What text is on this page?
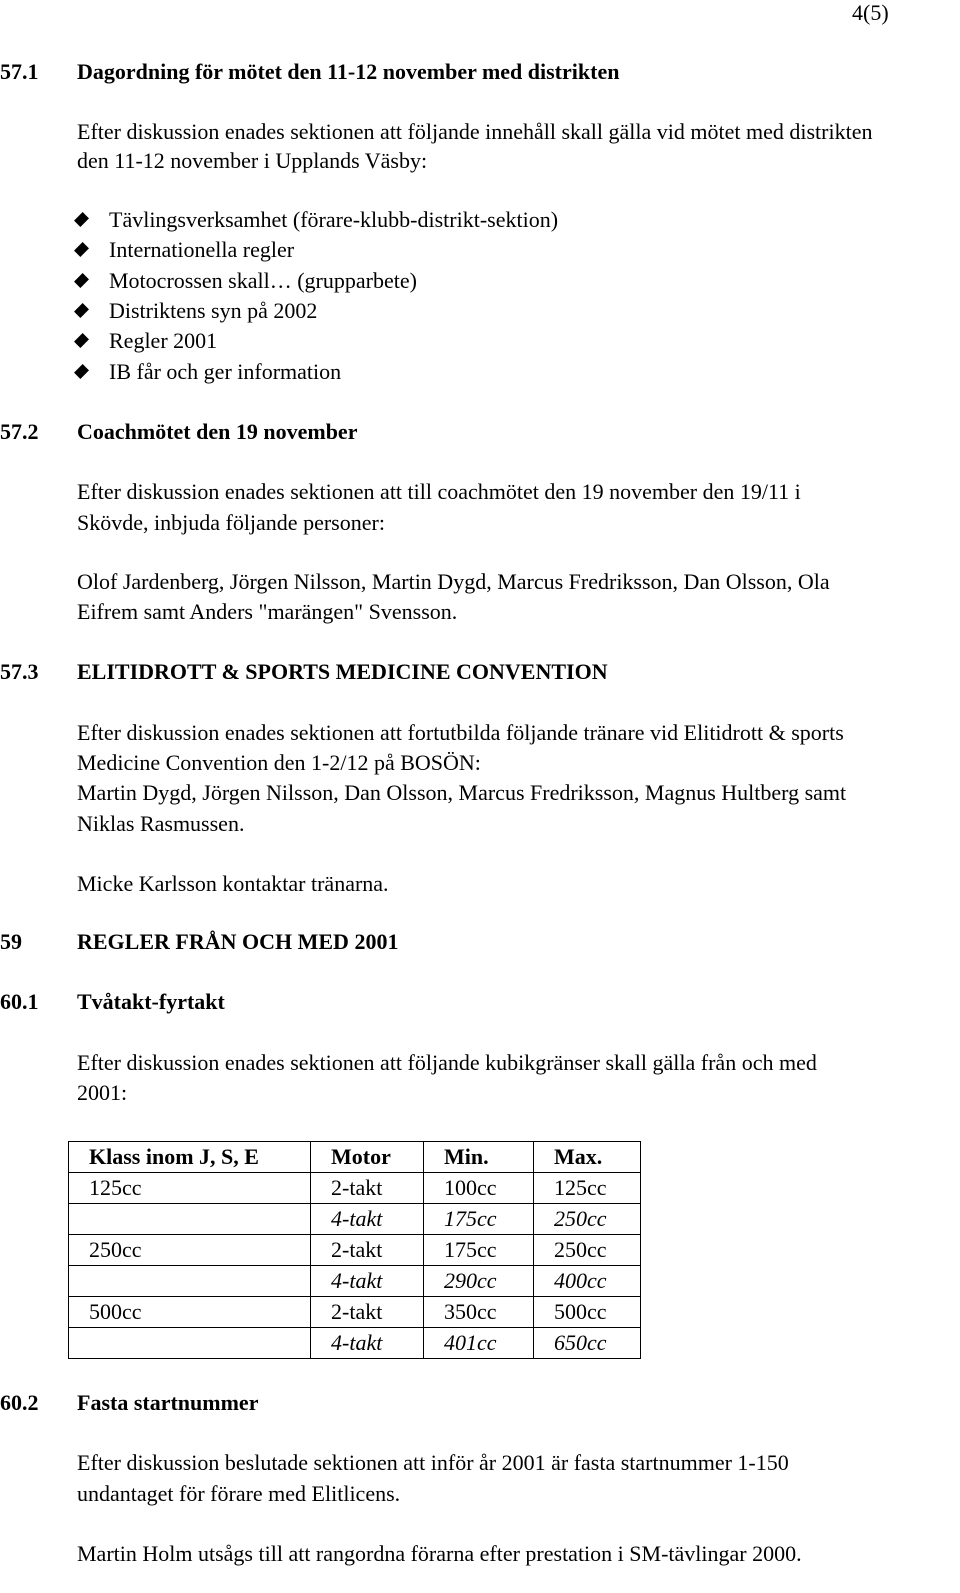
4(5)
57.1 Dagordning för mötet den 11-12 november med distrikten
Efter diskussion enades sektionen att följande innehåll skall gälla vid mötet med distrikten
den 11-12 november i Upplands Väsby:
Tävlingsverksamhet (förare-klubb-distrikt-sektion)
Internationella regler
Motocrossen skall… (grupparbete)
Distriktens syn på 2002
Regler 2001
IB får och ger information
57.2 Coachmötet den 19 november
Efter diskussion enades sektionen att till coachmötet den 19 november den 19/11 i
Skövde, inbjuda följande personer:
Olof Jardenberg, Jörgen Nilsson, Martin Dygd, Marcus Fredriksson, Dan Olsson, Ola
Eifrem samt Anders "marängen" Svensson.
57.3 ELITIDROTT & SPORTS MEDICINE CONVENTION
Efter diskussion enades sektionen att fortutbilda följande tränare vid Elitidrott & sports
Medicine Convention den 1-2/12 på BOSÖN:
Martin Dygd, Jörgen Nilsson, Dan Olsson, Marcus Fredriksson, Magnus Hultberg samt
Niklas Rasmussen.
Micke Karlsson kontaktar tränarna.
59	REGLER FRÅN OCH MED 2001
60.1 Tvåtakt-fyrtakt
Efter diskussion enades sektionen att följande kubikgränser skall gälla från och med
2001:
Klass inom J, S, E	Motor	Min.	Max.
125cc	2-takt	100cc	125cc
	4-takt	175cc	250cc
250cc	2-takt	175cc	250cc
	4-takt	290cc	400cc
500cc	2-takt	350cc	500cc
	4-takt	401cc	650cc
60.2 Fasta startnummer
Efter diskussion beslutade sektionen att inför år 2001 är fasta startnummer 1-150
undantaget för förare med Elitlicens.
Martin Holm utsågs till att rangordna förarna efter prestation i SM-tävlingar 2000.
